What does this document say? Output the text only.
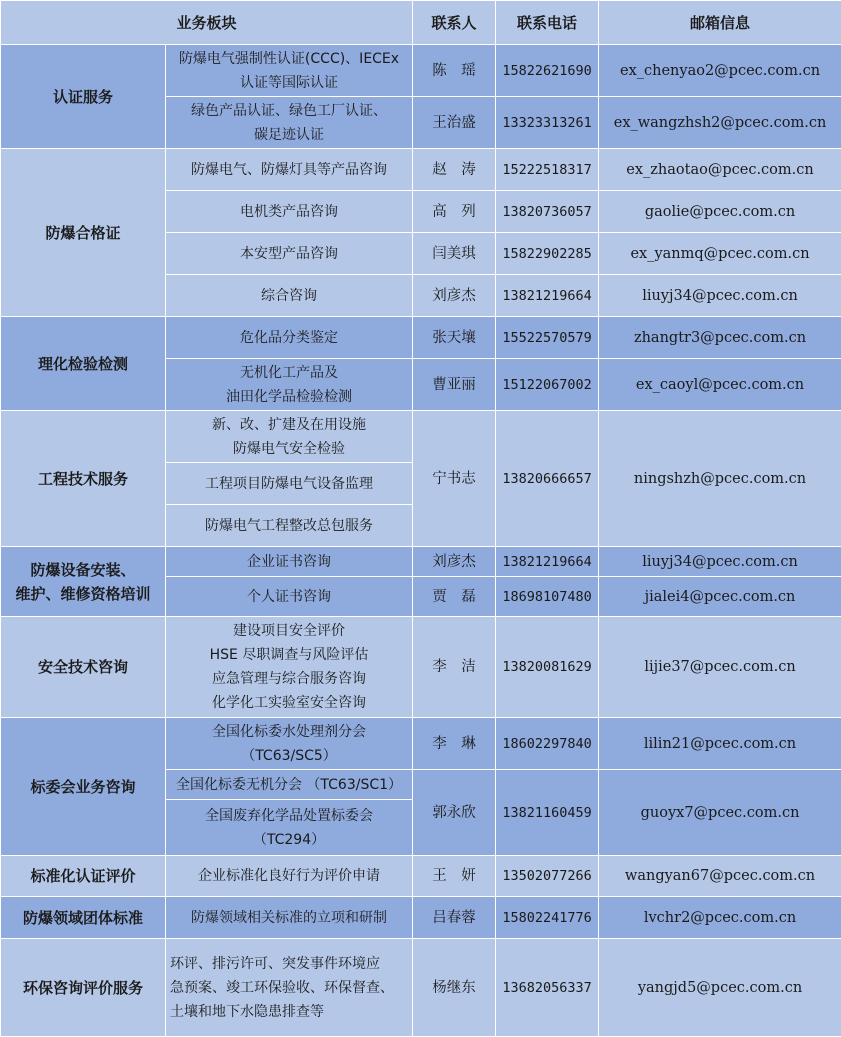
业务板块		联系人	联系电话	邮箱信息
认证服务	防爆电气强制性认证(CCC)、IECEx
认证等国际认证	陈　瑶	15822621690	ex_chenyao2@pcec.com.cn
	绿色产品认证、绿色工厂认证、
碳足迹认证	王治盛	13323313261	ex_wangzhsh2@pcec.com.cn
防爆合格证	防爆电气、防爆灯具等产品咨询	赵　涛	15222518317	ex_zhaotao@pcec.com.cn
	电机类产品咨询	高　列	13820736057	gaolie@pcec.com.cn
	本安型产品咨询	闫美琪	15822902285	ex_yanmq@pcec.com.cn
	综合咨询	刘彦杰	13821219664	liuyj34@pcec.com.cn
理化检验检测	危化品分类鉴定	张天壤	15522570579	zhangtr3@pcec.com.cn
	无机化工产品及
油田化学品检验检测	曹亚丽	15122067002	ex_caoyl@pcec.com.cn
工程技术服务	新、改、扩建及在用设施
防爆电气安全检验	宁书志	13820666657	ningshzh@pcec.com.cn
	工程项目防爆电气设备监理			
	防爆电气工程整改总包服务			
防爆设备安装、
维护、维修资格培训	企业证书咨询	刘彦杰	13821219664	liuyj34@pcec.com.cn
	个人证书咨询	贾　磊	18698107480	jialei4@pcec.com.cn
安全技术咨询	建设项目安全评价
HSE 尽职调查与风险评估
应急管理与综合服务咨询
化学化工实验室安全咨询	李　洁	13820081629	lijie37@pcec.com.cn
标委会业务咨询	全国化标委水处理剂分会
（TC63/SC5）	李　琳	18602297840	lilin21@pcec.com.cn
	全国化标委无机分会 （TC63/SC1）	郭永欣	13821160459	guoyx7@pcec.com.cn
	全国废弃化学品处置标委会
（TC294）			
标准化认证评价	企业标准化良好行为评价申请	王　妍	13502077266	wangyan67@pcec.com.cn
防爆领域团体标准	防爆领域相关标准的立项和研制	吕春蓉	15802241776	lvchr2@pcec.com.cn
环保咨询评价服务	环评、排污许可、突发事件环境应
急预案、竣工环保验收、环保督查、
土壤和地下水隐患排查等	杨继东	13682056337	yangjd5@pcec.com.cn
